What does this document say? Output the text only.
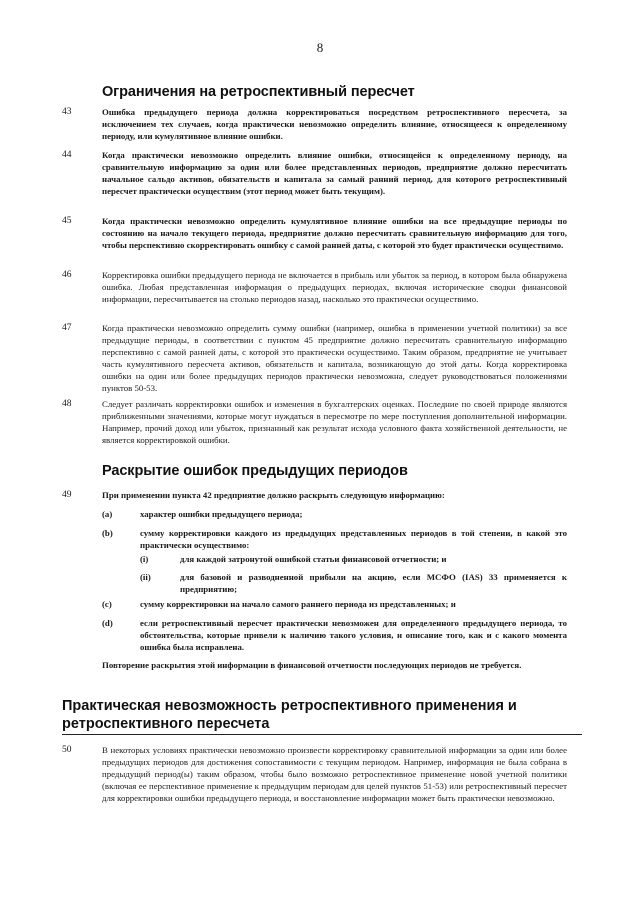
8
Ограничения на ретроспективный пересчет
43	Ошибка предыдущего периода должна корректироваться посредством ретроспективного пересчета, за исключением тех случаев, когда практически невозможно определить влияние, относящееся к определенному периоду, или кумулятивное влияние ошибки.
44	Когда практически невозможно определить влияние ошибки, относящейся к определенному периоду, на сравнительную информацию за один или более представленных периодов, предприятие должно пересчитать начальное сальдо активов, обязательств и капитала за самый ранний период, для которого ретроспективный пересчет практически осуществим (этот период может быть текущим).
45	Когда практически невозможно определить кумулятивное влияние ошибки на все предыдущие периоды по состоянию на начало текущего периода, предприятие должно пересчитать сравнительную информацию для того, чтобы перспективно скорректировать ошибку с самой ранней даты, с которой это будет практически осуществимо.
46	Корректировка ошибки предыдущего периода не включается в прибыль или убыток за период, в котором была обнаружена ошибка. Любая представленная информация о предыдущих периодах, включая исторические сводки финансовой информации, пересчитывается на столько периодов назад, насколько это практически осуществимо.
47	Когда практически невозможно определить сумму ошибки (например, ошибка в применении учетной политики) за все предыдущие периоды, в соответствии с пунктом 45 предприятие должно пересчитать сравнительную информацию перспективно с самой ранней даты, с которой это практически осуществимо. Таким образом, предприятие не учитывает часть кумулятивного пересчета активов, обязательств и капитала, возникающую до этой даты. Когда корректировка ошибки на один или более предыдущих периодов практически невозможна, следует руководствоваться положениями пунктов 50-53.
48	Следует различать корректировки ошибок и изменения в бухгалтерских оценках. Последние по своей природе являются приближенными значениями, которые могут нуждаться в пересмотре по мере поступления дополнительной информации. Например, прочий доход или убыток, признанный как результат исхода условного факта хозяйственной деятельности, не является корректировкой ошибки.
Раскрытие ошибок предыдущих периодов
49	При применении пункта 42 предприятие должно раскрыть следующую информацию:
(a)	характер ошибки предыдущего периода;
(b)	сумму корректировки каждого из предыдущих представленных периодов в той степени, в какой это практически осуществимо:
(i)	для каждой затронутой ошибкой статьи финансовой отчетности; и
(ii)	для базовой и разводненной прибыли на акцию, если МСФО (IAS) 33 применяется к предприятию;
(c)	сумму корректировки на начало самого раннего периода из представленных; и
(d)	если ретроспективный пересчет практически невозможен для определенного предыдущего периода, то обстоятельства, которые привели к наличию такого условия, и описание того, как и с какого момента ошибка была исправлена.
Повторение раскрытия этой информации в финансовой отчетности последующих периодов не требуется.
Практическая невозможность ретроспективного применения и ретроспективного пересчета
50	В некоторых условиях практически невозможно произвести корректировку сравнительной информации за один или более предыдущих периодов для достижения сопоставимости с текущим периодом. Например, информация не была собрана в предыдущий период(ы) таким образом, чтобы было возможно ретроспективное применение новой учетной политики (включая ее перспективное применение к предыдущим периодам для целей пунктов 51-53) или ретроспективный пересчет для корректировки ошибки предыдущего периода, и восстановление информации может быть практически невозможно.
